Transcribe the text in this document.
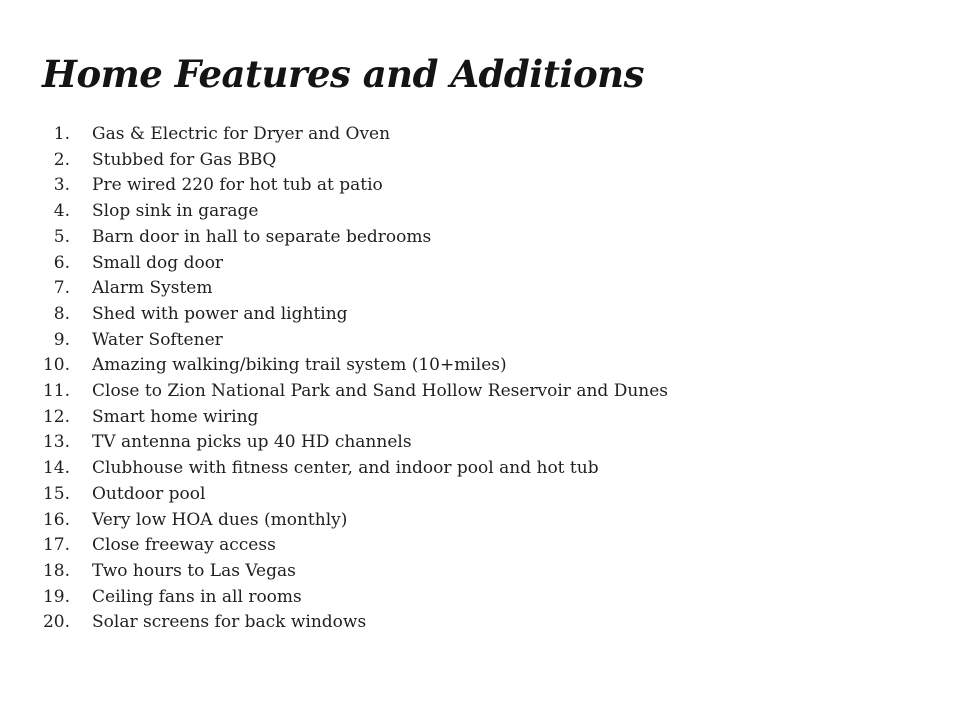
Home Features and Additions
1. Gas & Electric for Dryer and Oven
2. Stubbed for Gas BBQ
3. Pre wired 220 for hot tub at patio
4. Slop sink in garage
5. Barn door in hall to separate bedrooms
6. Small dog door
7. Alarm System
8. Shed with power and lighting
9. Water Softener
10. Amazing walking/biking trail system (10+miles)
11. Close to Zion National Park and Sand Hollow Reservoir and Dunes
12. Smart home wiring
13. TV antenna picks up 40 HD channels
14. Clubhouse with fitness center, and indoor pool and hot tub
15. Outdoor pool
16. Very low HOA dues (monthly)
17. Close freeway access
18. Two hours to Las Vegas
19. Ceiling fans in all rooms
20. Solar screens for back windows
